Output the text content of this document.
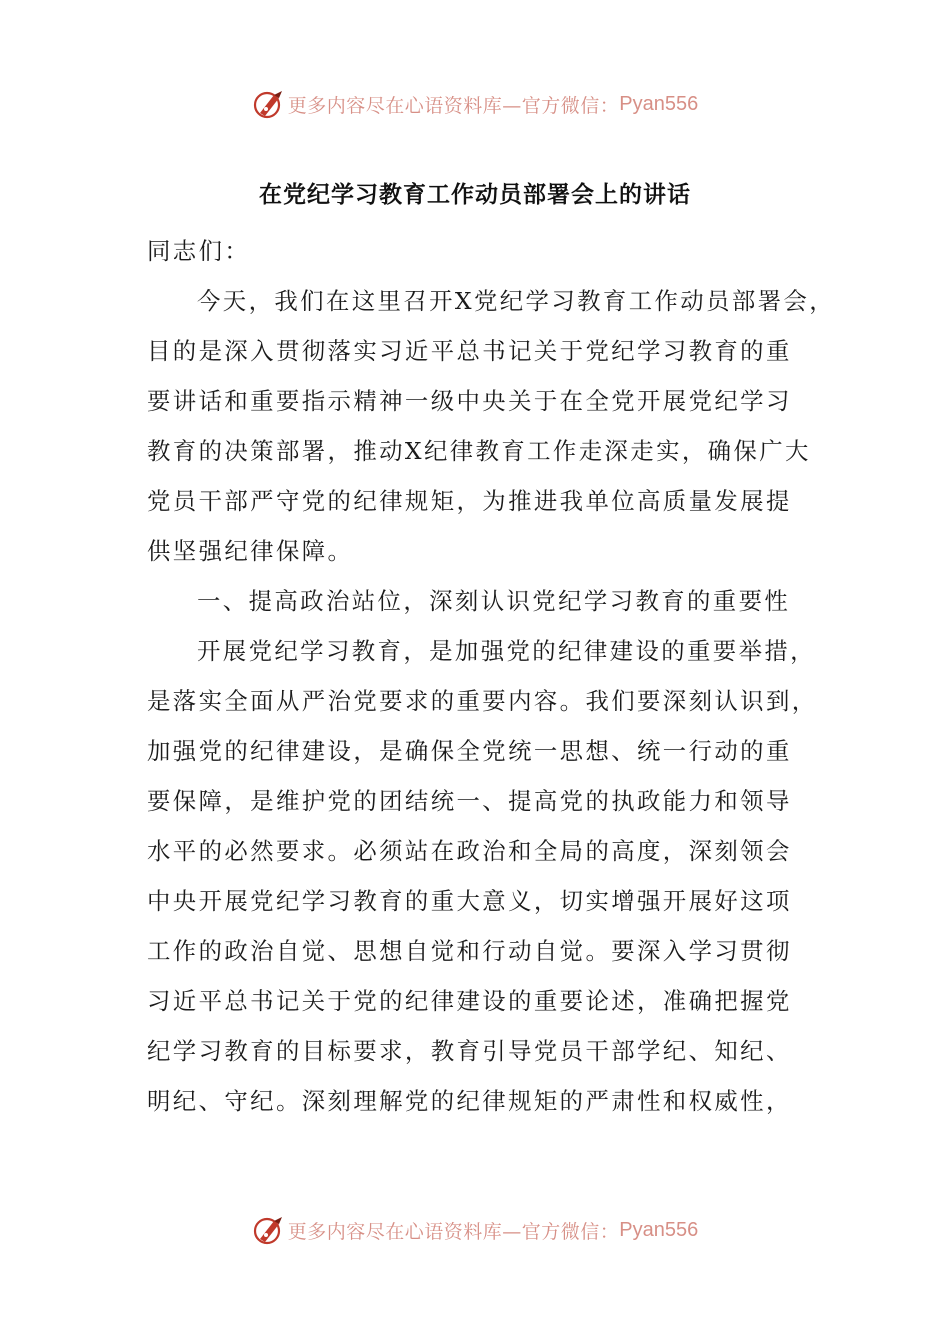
更多内容尽在心语资料库—官方微信： Pyan556
在党纪学习教育工作动员部署会上的讲话
同志们：
今天，我们在这里召开X党纪学习教育工作动员部署会，
目的是深入贯彻落实习近平总书记关于党纪学习教育的重
要讲话和重要指示精神一级中央关于在全党开展党纪学习
教育的决策部署，推动X纪律教育工作走深走实，确保广大
党员干部严守党的纪律规矩，为推进我单位高质量发展提
供坚强纪律保障。
一、提高政治站位，深刻认识党纪学习教育的重要性
开展党纪学习教育，是加强党的纪律建设的重要举措，
是落实全面从严治党要求的重要内容。我们要深刻认识到，
加强党的纪律建设，是确保全党统一思想、统一行动的重
要保障，是维护党的团结统一、提高党的执政能力和领导
水平的必然要求。必须站在政治和全局的高度，深刻领会
中央开展党纪学习教育的重大意义，切实增强开展好这项
工作的政治自觉、思想自觉和行动自觉。要深入学习贯彻
习近平总书记关于党的纪律建设的重要论述，准确把握党
纪学习教育的目标要求，教育引导党员干部学纪、知纪、
明纪、守纪。深刻理解党的纪律规矩的严肃性和权威性，
更多内容尽在心语资料库—官方微信： Pyan556
